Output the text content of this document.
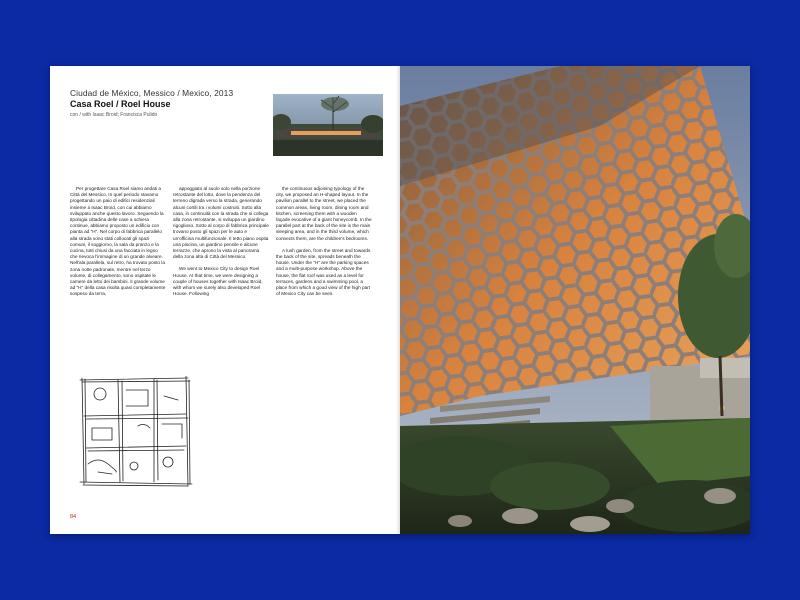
Ciudad de México, Messico / Mexico, 2013
Casa Roel / Roel House
con / with Isaac Broid; Francisca Pulido

Per progettare Casa Roel siamo andati a Città del Messico. In quel periodo stavamo progettando un paio di edifici residenziali insieme a Isaac Broid, con cui abbiamo sviluppato anche questo lavoro. Seguendo la tipologia cittadina delle case a schiera continue, abbiamo proposto un edificio con pianta ad "H". Nel corpo di fabbrica parallelo alla strada sono stati collocati gli spazi comuni, il soggiorno, la sala da pranzo e la cucina, tutti chiusi da una facciata in legno che rievoca l'immagine di un grande alveare. Nell'ala parallela, sul retro, ha trovato posto la zona notte padronale, mentre nel terzo volume, di collegamento, sono ospitate le camere da letto dei bambini. Il grande volume ad "H" della casa risulta quasi completamente sospeso da terra,

appoggiato al suolo solo nella porzione retrostante del lotto, dove la pendenza del terreno digrada verso la strada, generando alcuni cortili tra i volumi costruiti. Sotto alla casa, in continuità con la strada che si collega alla zona retrostante, si sviluppa un giardino rigoglioso. Sotto al corpo di fabbrica principale trovano posto gli spazi per le auto e un'officina multifunzionale. Il tetto piano ospita una piscina, un giardino pensile e alcune terrazze, che aprono la vista al panorama della zona alta di Città del Messico.

We went to Mexico City to design Roel House. At that time, we were designing a couple of houses together with Isaac Broid, with whom we surely also developed Roel House. Following

the continuous adjoining typology of the city, we proposed an H-shaped layout. In the pavilion parallel to the street, we placed the common areas, living room, dining room and kitchen, screening them with a wooden façade evocative of a giant honeycomb. In the parallel part at the back of the site is the main sleeping area, and in the third volume, which connects them, are the children's bedrooms.

A lush garden, from the street and towards the back of the site, spreads beneath the house. Under the "H" are the parking spaces and a multi-purpose workshop. Above the house, the flat roof was used as a level for terraces, gardens and a swimming pool, a place from which a good view of the high part of Mexico City can be seen.

84
